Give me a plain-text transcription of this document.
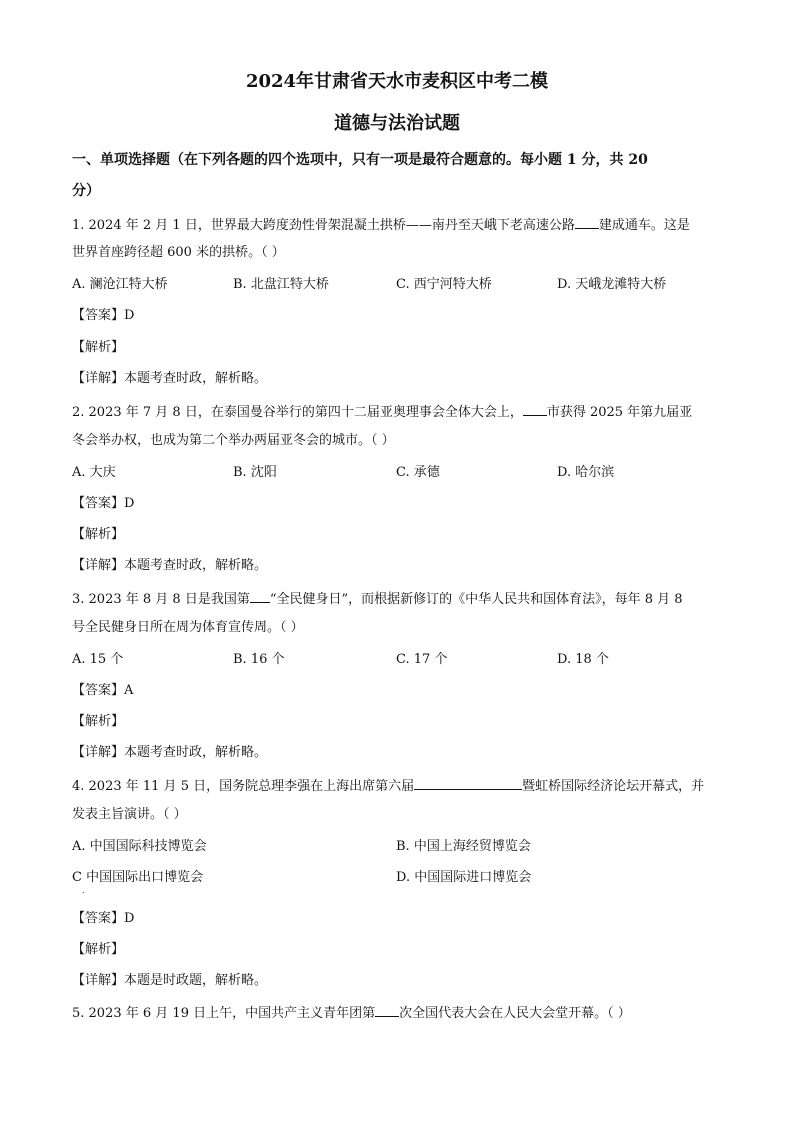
2024年甘肃省天水市麦积区中考二模
道德与法治试题
一、单项选择题（在下列各题的四个选项中，只有一项是最符合题意的。每小题 1 分，共 20
分）
1. 2024 年 2 月 1 日，世界最大跨度劲性骨架混凝土拱桥——南丹至天峨下老高速公路 建成通车。这是
世界首座跨径超 600 米的拱桥。（ ）
A. 澜沧江特大桥	B. 北盘江特大桥	C. 西宁河特大桥	D. 天峨龙滩特大桥
【答案】D
【解析】
【详解】本题考查时政，解析略。
2. 2023 年 7 月 8 日，在泰国曼谷举行的第四十二届亚奥理事会全体大会上， 市获得 2025 年第九届亚
冬会举办权，也成为第二个举办两届亚冬会的城市。（ ）
A. 大庆	B. 沈阳	C. 承德	D. 哈尔滨
【答案】D
【解析】
【详解】本题考查时政，解析略。
3. 2023 年 8 月 8 日是我国第 “全民健身日”，而根据新修订的《中华人民共和国体育法》，每年 8 月 8
号全民健身日所在周为体育宣传周。（ ）
A. 15 个	B. 16 个	C. 17 个	D. 18 个
【答案】A
【解析】
【详解】本题考查时政，解析略。
4. 2023 年 11 月 5 日，国务院总理李强在上海出席第六届	暨虹桥国际经济论坛开幕式，并
发表主旨演讲。（ ）
A. 中国国际科技博览会	B. 中国上海经贸博览会
C 中国国际出口博览会	D. 中国国际进口博览会
.
【答案】D
【解析】
【详解】本题是时政题，解析略。
5. 2023 年 6 月 19 日上午，中国共产主义青年团第 次全国代表大会在人民大会堂开幕。（ ）
